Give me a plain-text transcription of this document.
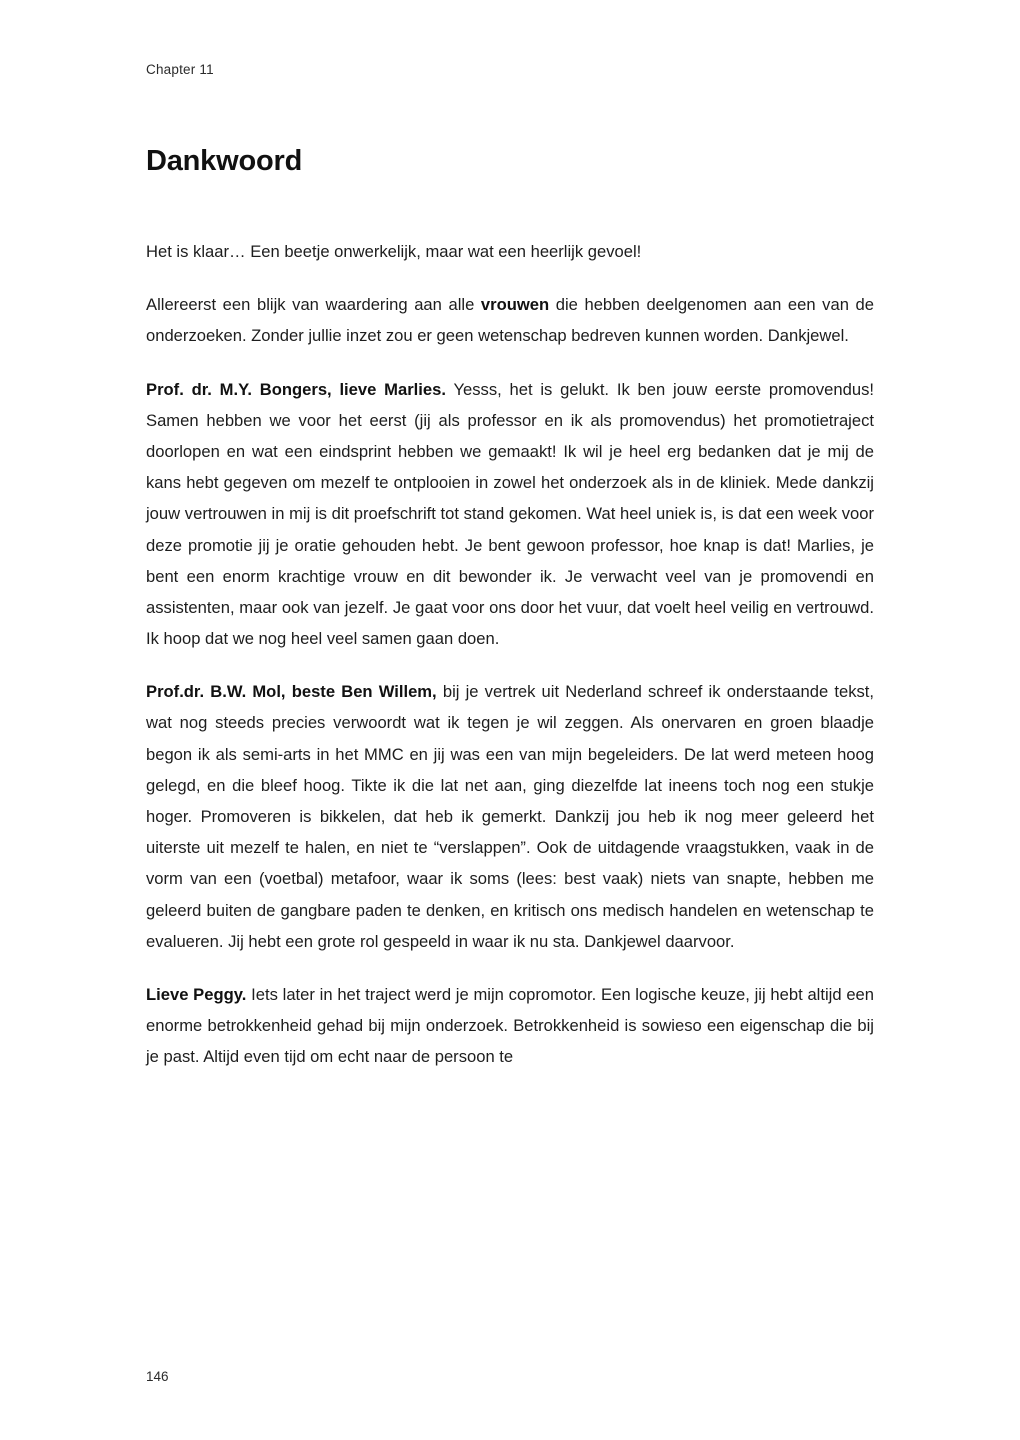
Chapter 11
Dankwoord

Het is klaar… Een beetje onwerkelijk, maar wat een heerlijk gevoel!

Allereerst een blijk van waardering aan alle vrouwen die hebben deelgenomen aan een van de onderzoeken. Zonder jullie inzet zou er geen wetenschap bedreven kunnen worden. Dankjewel.

Prof. dr. M.Y. Bongers, lieve Marlies. Yesss, het is gelukt. Ik ben jouw eerste promovendus! Samen hebben we voor het eerst (jij als professor en ik als promovendus) het promotietraject doorlopen en wat een eindsprint hebben we gemaakt! Ik wil je heel erg bedanken dat je mij de kans hebt gegeven om mezelf te ontplooien in zowel het onderzoek als in de kliniek. Mede dankzij jouw vertrouwen in mij is dit proefschrift tot stand gekomen. Wat heel uniek is, is dat een week voor deze promotie jij je oratie gehouden hebt. Je bent gewoon professor, hoe knap is dat! Marlies, je bent een enorm krachtige vrouw en dit bewonder ik. Je verwacht veel van je promovendi en assistenten, maar ook van jezelf. Je gaat voor ons door het vuur, dat voelt heel veilig en vertrouwd. Ik hoop dat we nog heel veel samen gaan doen.

Prof.dr. B.W. Mol, beste Ben Willem, bij je vertrek uit Nederland schreef ik onderstaande tekst, wat nog steeds precies verwoordt wat ik tegen je wil zeggen. Als onervaren en groen blaadje begon ik als semi-arts in het MMC en jij was een van mijn begeleiders. De lat werd meteen hoog gelegd, en die bleef hoog. Tikte ik die lat net aan, ging diezelfde lat ineens toch nog een stukje hoger. Promoveren is bikkelen, dat heb ik gemerkt. Dankzij jou heb ik nog meer geleerd het uiterste uit mezelf te halen, en niet te “verslappen”. Ook de uitdagende vraagstukken, vaak in de vorm van een (voetbal) metafoor, waar ik soms (lees: best vaak) niets van snapte, hebben me geleerd buiten de gangbare paden te denken, en kritisch ons medisch handelen en wetenschap te evalueren. Jij hebt een grote rol gespeeld in waar ik nu sta. Dankjewel daarvoor.

Lieve Peggy. Iets later in het traject werd je mijn copromotor. Een logische keuze, jij hebt altijd een enorme betrokkenheid gehad bij mijn onderzoek. Betrokkenheid is sowieso een eigenschap die bij je past. Altijd even tijd om echt naar de persoon te

146
